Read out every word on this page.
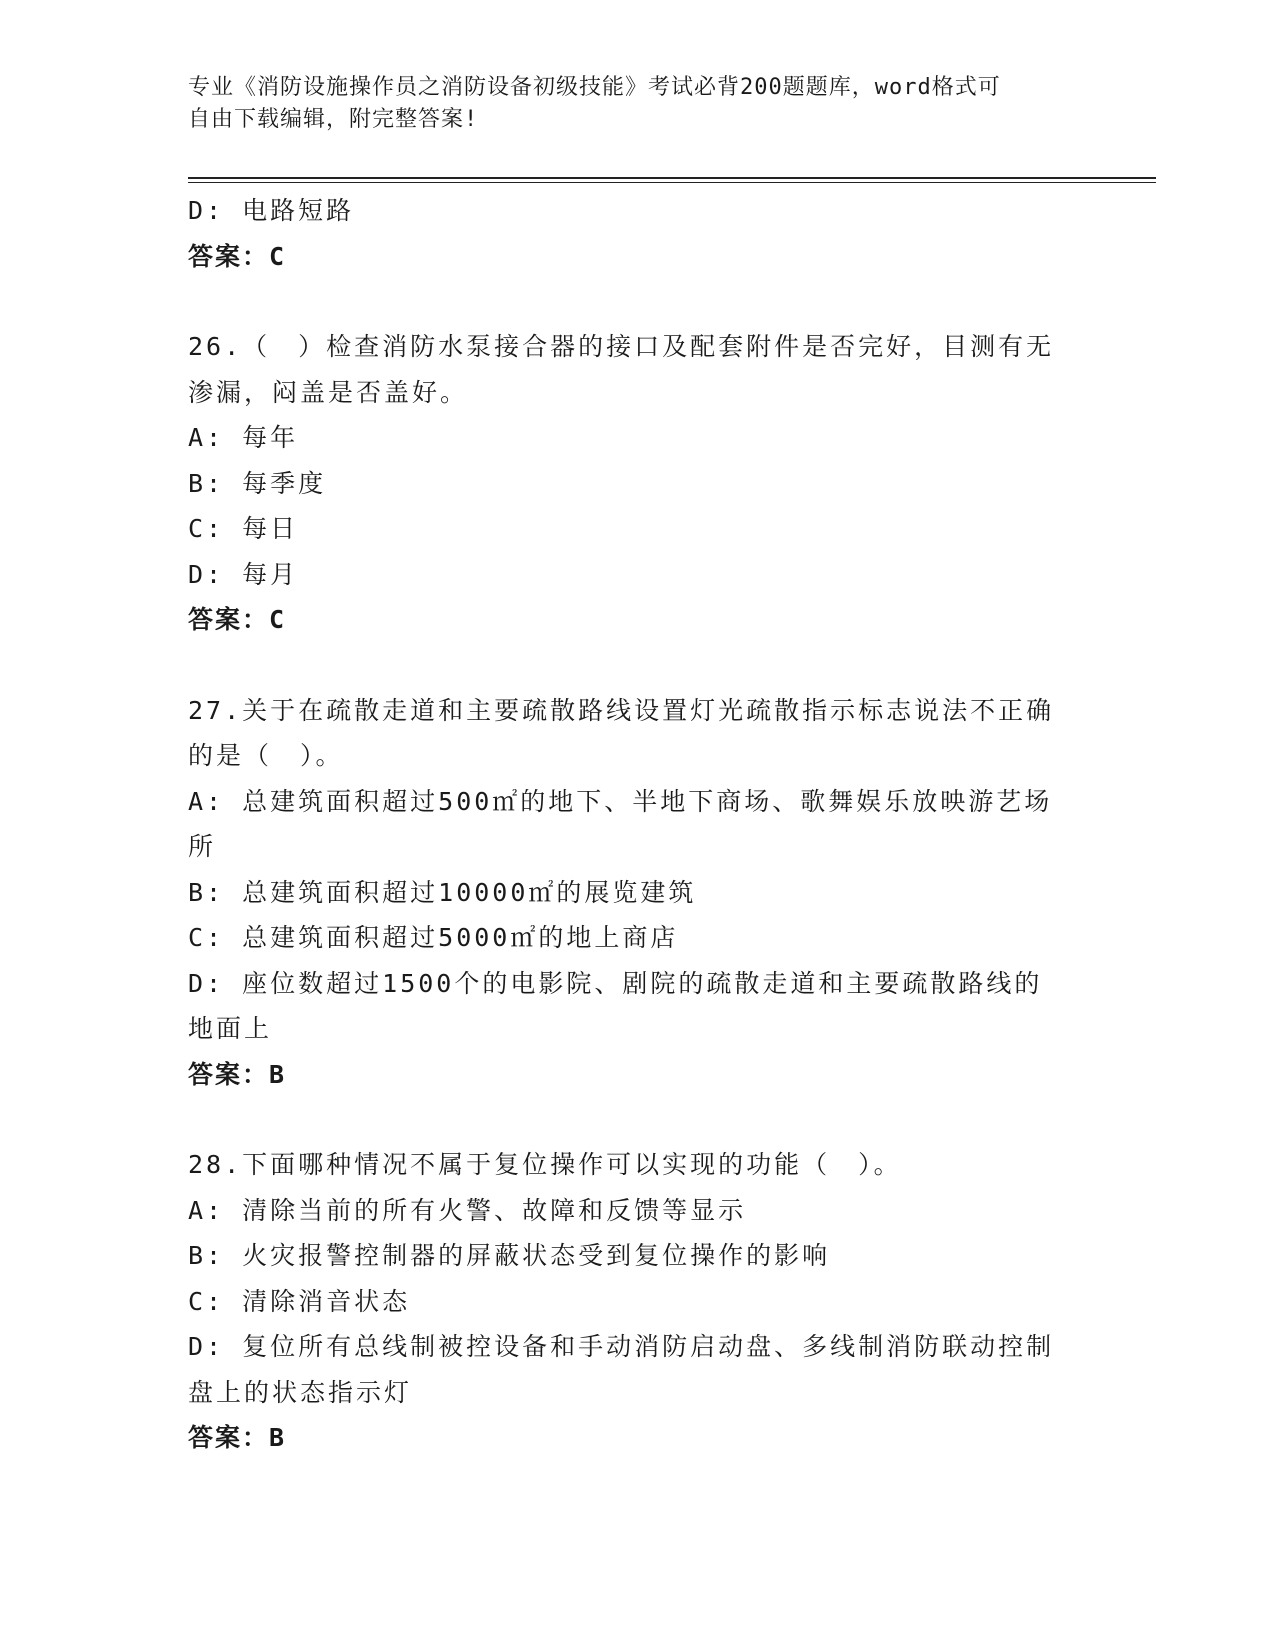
专业《消防设施操作员之消防设备初级技能》考试必背200题题库，word格式可
自由下载编辑，附完整答案!
D: 电路短路
答案：C
26.（　）检查消防水泵接合器的接口及配套附件是否完好，目测有无
渗漏，闷盖是否盖好。
A: 每年
B: 每季度
C: 每日
D: 每月
答案：C
27.关于在疏散走道和主要疏散路线设置灯光疏散指示标志说法不正确
的是（　）。
A: 总建筑面积超过500㎡的地下、半地下商场、歌舞娱乐放映游艺场
所
B: 总建筑面积超过10000㎡的展览建筑
C: 总建筑面积超过5000㎡的地上商店
D: 座位数超过1500个的电影院、剧院的疏散走道和主要疏散路线的
地面上
答案：B
28.下面哪种情况不属于复位操作可以实现的功能（　）。
A: 清除当前的所有火警、故障和反馈等显示
B: 火灾报警控制器的屏蔽状态受到复位操作的影响
C: 清除消音状态
D: 复位所有总线制被控设备和手动消防启动盘、多线制消防联动控制
盘上的状态指示灯
答案：B
